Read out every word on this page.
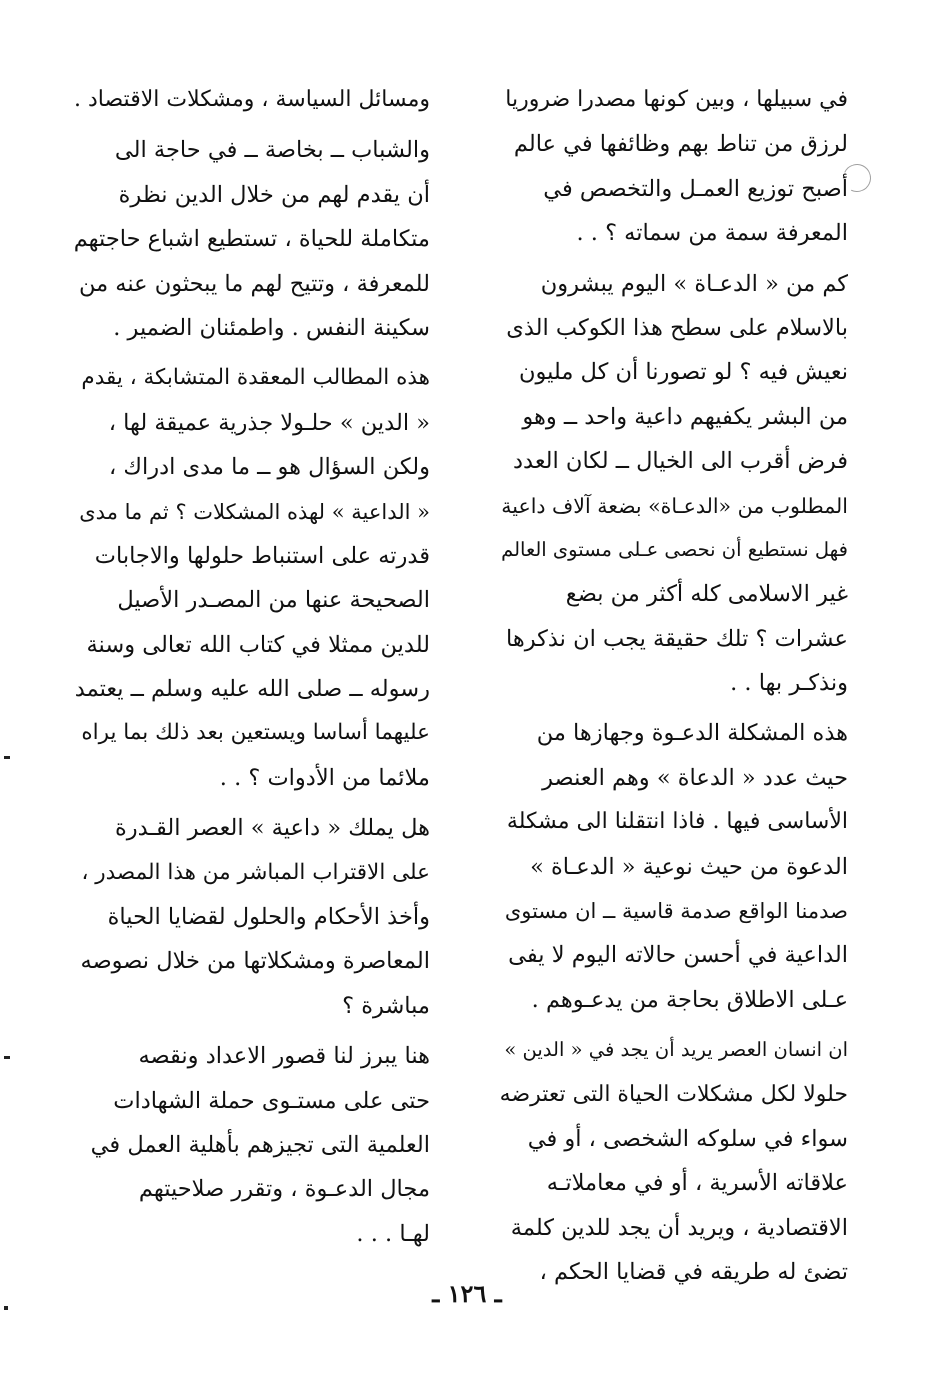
في سبيلها ، وبين كونها مصدرا ضروريا
لرزق من تناط بهم وظائفها في عالم
أصبح توزيع العمـل والتخصص في
المعرفة سمة من سماته ؟ . .
كم من « الدعـاة » اليوم يبشرون
بالاسلام على سطح هذا الكوكب الذى
نعيش فيه ؟ لو تصورنا أن كل مليون
من البشر يكفيهم داعية واحد ــ وهو
فرض أقرب الى الخيال ــ لكان العدد
المطلوب من «الدعـاة» بضعة آلاف داعية
فهل نستطيع أن نحصى عـلى مستوى العالم
غير الاسلامى كله أكثر من بضع
عشرات ؟ تلك حقيقة يجب ان نذكرها
ونذكـر بها . .
هذه المشكلة الدعـوة وجهازها من
حيث عدد « الدعاة » وهم العنصر
الأساسى فيها . فاذا انتقلنا الى مشكلة
الدعوة من حيث نوعية « الدعـاة »
صدمنا الواقع صدمة قاسية ــ ان مستوى
الداعية في أحسن حالاته اليوم لا يفى
عـلى الاطلاق بحاجة من يدعـوهم .
ان انسان العصر يريد أن يجد في « الدين »
حلولا لكل مشكلات الحياة التى تعترضه
سواء في سلوكه الشخصى ، أو في
علاقاته الأسرية ، أو في معاملاتـه
الاقتصادية ، ويريد أن يجد للدين كلمة
تضئ له طريقه في قضايا الحكم ،
ومسائل السياسة ، ومشكلات الاقتصاد .
والشباب ــ بخاصة ــ في حاجة الى
أن يقدم لهم من خلال الدين نظرة
متكاملة للحياة ، تستطيع اشباع حاجتهم
للمعرفة ، وتتيح لهم ما يبحثون عنه من
سكينة النفس . واطمئنان الضمير .
هذه المطالب المعقدة المتشابكة ، يقدم
« الدين » حلـولا جذرية عميقة لها ،
ولكن السؤال هو ــ ما مدى ادراك ،
« الداعية » لهذه المشكلات ؟ ثم ما مدى
قدرته على استنباط حلولها والاجابات
الصحيحة عنها من المصـدر الأصيل
للدين ممثلا في كتاب الله تعالى وسنة
رسوله ــ صلى الله عليه وسلم ــ يعتمد
عليهما أساسا ويستعين بعد ذلك بما يراه
ملائما من الأدوات ؟ . .
هل يملك « داعية » العصر القـدرة
على الاقتراب المباشر من هذا المصدر ،
وأخذ الأحكام والحلول لقضايا الحياة
المعاصرة ومشكلاتها من خلال نصوصه
مباشرة ؟
هنا يبرز لنا قصور الاعداد ونقصه
حتى على مستـوى حملة الشهادات
العلمية التى تجيزهم بأهلية العمل في
مجال الدعـوة ، وتقرر صلاحيتهم
لهـا . . .
ـ ١٢٦ ـ
